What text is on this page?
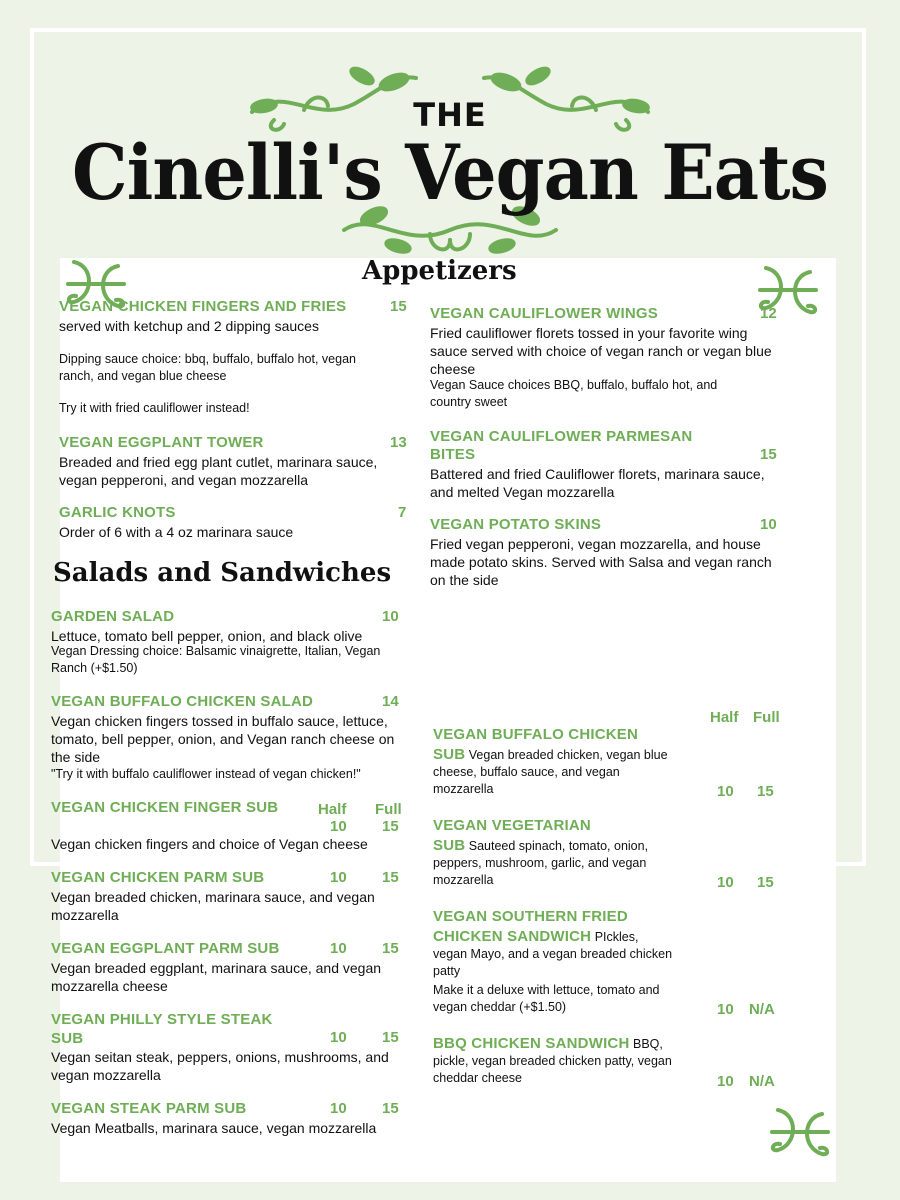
THE
Cinelli's Vegan Eats
Appetizers
VEGAN CHICKEN FINGERS AND FRIES	15
served with ketchup and 2 dipping sauces
Dipping sauce choice: bbq, buffalo, buffalo hot, vegan ranch, and vegan blue cheese
Try it with fried cauliflower instead!
VEGAN EGGPLANT TOWER	13
Breaded and fried egg plant cutlet, marinara sauce, vegan pepperoni, and vegan mozzarella
GARLIC KNOTS	7
Order of 6 with a 4 oz marinara sauce
VEGAN CAULIFLOWER WINGS	12
Fried cauliflower florets tossed in your favorite wing sauce served with choice of vegan ranch or vegan blue cheese
Vegan Sauce choices BBQ, buffalo, buffalo hot, and country sweet
VEGAN CAULIFLOWER PARMESAN BITES	15
Battered and fried Cauliflower florets, marinara sauce, and melted Vegan mozzarella
VEGAN POTATO SKINS	10
Fried vegan pepperoni, vegan mozzarella, and house made potato skins. Served with Salsa and vegan ranch on the side
Salads and Sandwiches
GARDEN SALAD	10
Lettuce, tomato bell pepper, onion, and black olive
Vegan Dressing choice: Balsamic vinaigrette, Italian, Vegan Ranch (+$1.50)
VEGAN BUFFALO CHICKEN SALAD	14
Vegan chicken fingers tossed in buffalo sauce, lettuce, tomato, bell pepper, onion, and Vegan ranch cheese on the side
"Try it with buffalo cauliflower instead of vegan chicken!"
VEGAN CHICKEN FINGER SUB	Half Full
10 15
Vegan chicken fingers and choice of Vegan cheese
VEGAN CHICKEN PARM SUB	10 15
Vegan breaded chicken, marinara sauce, and vegan mozzarella
VEGAN EGGPLANT PARM SUB	10 15
Vegan breaded eggplant, marinara sauce, and vegan mozzarella cheese
VEGAN PHILLY STYLE STEAK SUB	10 15
Vegan seitan steak, peppers, onions, mushrooms, and vegan mozzarella
VEGAN STEAK PARM SUB	10 15
Vegan Meatballs, marinara sauce, vegan mozzarella
Half Full
VEGAN BUFFALO CHICKEN
SUB Vegan breaded chicken, vegan blue cheese, buffalo sauce, and vegan mozzarella	10 15
VEGAN VEGETARIAN
SUB Sauteed spinach, tomato, onion, peppers, mushroom, garlic, and vegan mozzarella	10 15
VEGAN SOUTHERN FRIED
CHICKEN SANDWICH PIckles, vegan Mayo, and a vegan breaded chicken patty
Make it a deluxe with lettuce, tomato and vegan cheddar (+$1.50)	10 N/A
BBQ CHICKEN SANDWICH BBQ, pickle, vegan breaded chicken patty, vegan cheddar cheese	10 N/A
